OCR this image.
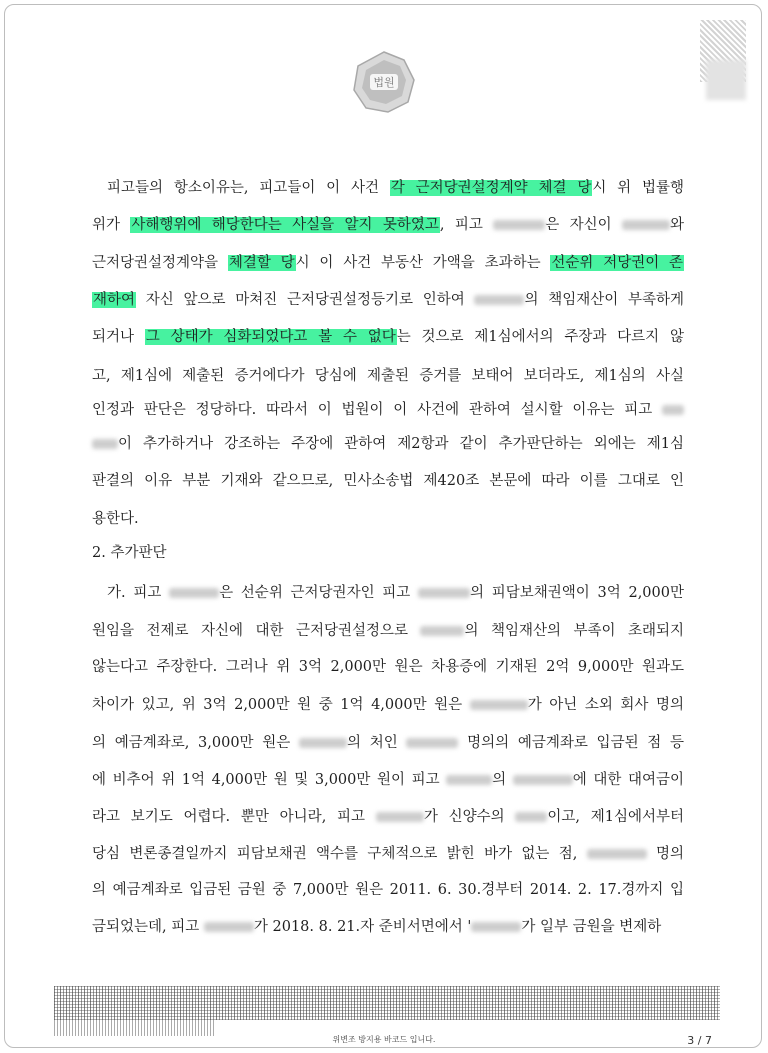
법원
피고들의 항소이유는, 피고들이 이 사건 각 근저당권설정계약 체결 당시 위 법률행
위가 사해행위에 해당한다는 사실을 알지 못하였고, 피고	은 자신이	와
근저당권설정계약을 체결할 당시 이 사건 부동산 가액을 초과하는 선순위 저당권이 존
재하여 자신 앞으로 마쳐진 근저당권설정등기로 인하여	의 책임재산이 부족하게
되거나 그 상태가 심화되었다고 볼 수 없다는 것으로 제1심에서의 주장과 다르지 않
고, 제1심에 제출된 증거에다가 당심에 제출된 증거를 보태어 보더라도, 제1심의 사실
인정과 판단은 정당하다. 따라서 이 법원이 이 사건에 관하여 설시할 이유는 피고
이 추가하거나 강조하는 주장에 관하여 제2항과 같이 추가판단하는 외에는 제1심
판결의 이유 부분 기재와 같으므로, 민사소송법 제420조 본문에 따라 이를 그대로 인
용한다.
가. 피고	은 선순위 근저당권자인 피고	의 피담보채권액이 3억 2,000만
원임을 전제로 자신에 대한 근저당권설정으로	의 책임재산의 부족이 초래되지
않는다고 주장한다. 그러나 위 3억 2,000만 원은 차용증에 기재된 2억 9,000만 원과도
차이가 있고, 위 3억 2,000만 원 중 1억 4,000만 원은	가 아닌 소외 회사 명의
의 예금계좌로, 3,000만 원은	의 처인	명의의 예금계좌로 입금된 점 등
에 비추어 위 1억 4,000만 원 및 3,000만 원이 피고	의	에 대한 대여금이
라고 보기도 어렵다. 뿐만 아니라, 피고	가 신양수의 이고, 제1심에서부터
당심 변론종결일까지 피담보채권 액수를 구체적으로 밝힌 바가 없는 점,	명의
의 예금계좌로 입금된 금원 중 7,000만 원은 2011. 6. 30.경부터 2014. 2. 17.경까지 입
금되었는데, 피고	가 2018. 8. 21.자 준비서면에서 '	가 일부 금원을 변제하
2. 추가판단
위변조 방지용 바코드 입니다.	3 / 7
